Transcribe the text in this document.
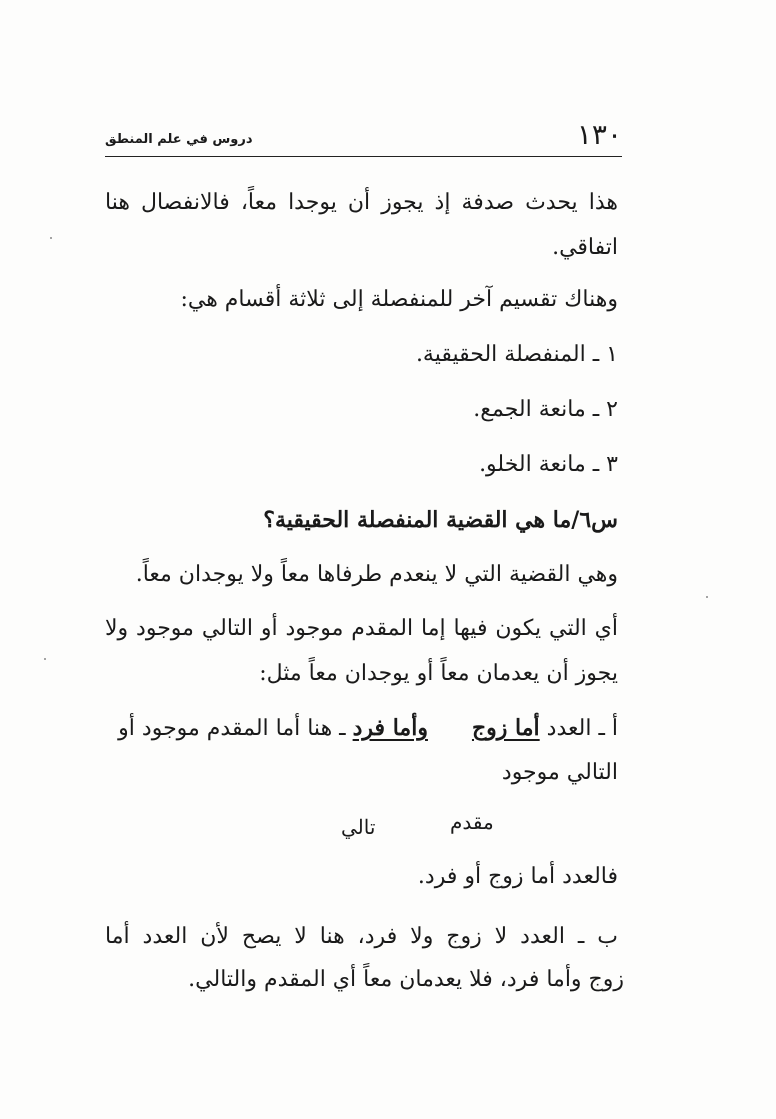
١٣٠
دروس في علم المنطق
هذا يحدث صدفة إذ يجوز أن يوجدا معاً، فالانفصال هنا
اتفاقي.
وهناك تقسيم آخر للمنفصلة إلى ثلاثة أقسام هي:
١ ـ المنفصلة الحقيقية.
٢ ـ مانعة الجمع.
٣ ـ مانعة الخلو.
س٦/ما هي القضية المنفصلة الحقيقية؟
وهي القضية التي لا ينعدم طرفاها معاً ولا يوجدان معاً.
أي التي يكون فيها إما المقدم موجود أو التالي موجود ولا
يجوز أن يعدمان معاً أو يوجدان معاً مثل:
أ ـ العدد أما زوج  وأما فرد ـ هنا أما المقدم موجود أو
التالي موجود
مقدم
تالي
فالعدد أما زوج أو فرد.
ب ـ العدد لا زوج ولا فرد، هنا لا يصح لأن العدد أما
زوج وأما فرد، فلا يعدمان معاً أي المقدم والتالي.
